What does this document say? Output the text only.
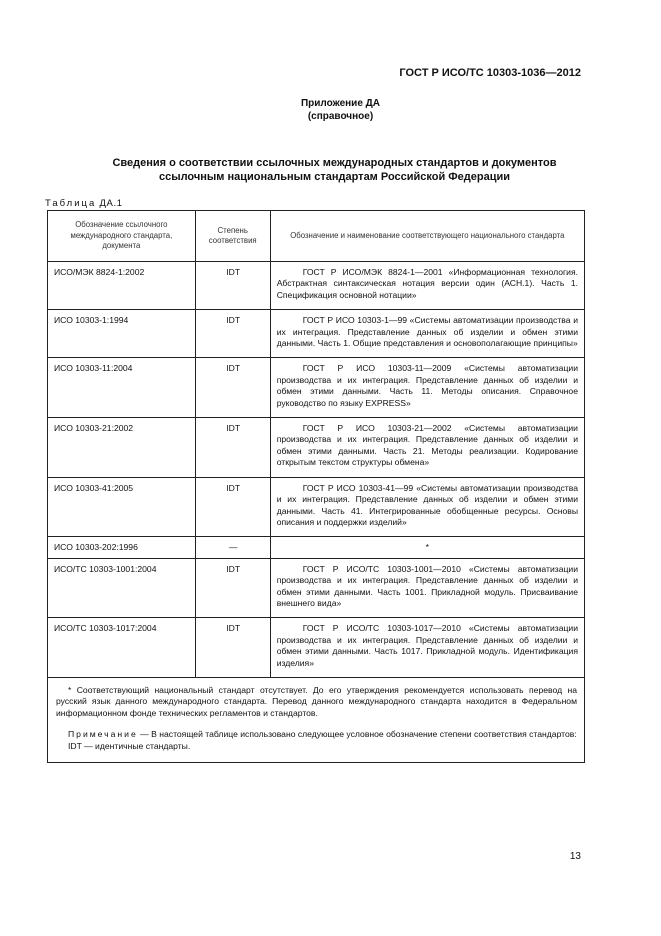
ГОСТ Р ИСО/ТС 10303-1036—2012
Приложение ДА
(справочное)
Сведения о соответствии ссылочных международных стандартов и документов
ссылочным национальным стандартам Российской Федерации
Таблица ДА.1
Обозначение ссылочного международного стандарта, документа	Степень соответствия	Обозначение и наименование соответствующего национального стандарта
ИСО/МЭК 8824-1:2002	IDT	ГОСТ Р ИСО/МЭК 8824-1—2001 «Информационная технология. Абстрактная синтаксическая нотация версии один (АСН.1). Часть 1. Спецификация основной нотации»
ИСО 10303-1:1994	IDT	ГОСТ Р ИСО 10303-1—99 «Системы автоматизации производства и их интеграция. Представление данных об изделии и обмен этими данными. Часть 1. Общие представления и основополагающие принципы»
ИСО 10303-11:2004	IDT	ГОСТ Р ИСО 10303-11—2009 «Системы автоматизации производства и их интеграция. Представление данных об изделии и обмен этими данными. Часть 11. Методы описания. Справочное руководство по языку EXPRESS»
ИСО 10303-21:2002	IDT	ГОСТ Р ИСО 10303-21—2002 «Системы автоматизации производства и их интеграция. Представление данных об изделии и обмен этими данными. Часть 21. Методы реализации. Кодирование открытым текстом структуры обмена»
ИСО 10303-41:2005	IDT	ГОСТ Р ИСО 10303-41—99 «Системы автоматизации производства и их интеграция. Представление данных об изделии и обмен этими данными. Часть 41. Интегрированные обобщенные ресурсы. Основы описания и поддержки изделий»
ИСО 10303-202:1996	—	*
ИСО/ТС 10303-1001:2004	IDT	ГОСТ Р ИСО/ТС 10303-1001—2010 «Системы автоматизации производства и их интеграция. Представление данных об изделии и обмен этими данными. Часть 1001. Прикладной модуль. Присваивание внешнего вида»
ИСО/ТС 10303-1017:2004	IDT	ГОСТ Р ИСО/ТС 10303-1017—2010 «Системы автоматизации производства и их интеграция. Представление данных об изделии и обмен этими данными. Часть 1017. Прикладной модуль. Идентификация изделия»

* Соответствующий национальный стандарт отсутствует. До его утверждения рекомендуется использовать перевод на русский язык данного международного стандарта. Перевод данного международного стандарта находится в Федеральном информационном фонде технических регламентов и стандартов.

Примечание — В настоящей таблице использовано следующее условное обозначение степени соответствия стандартов:

IDT — идентичные стандарты.		

13
